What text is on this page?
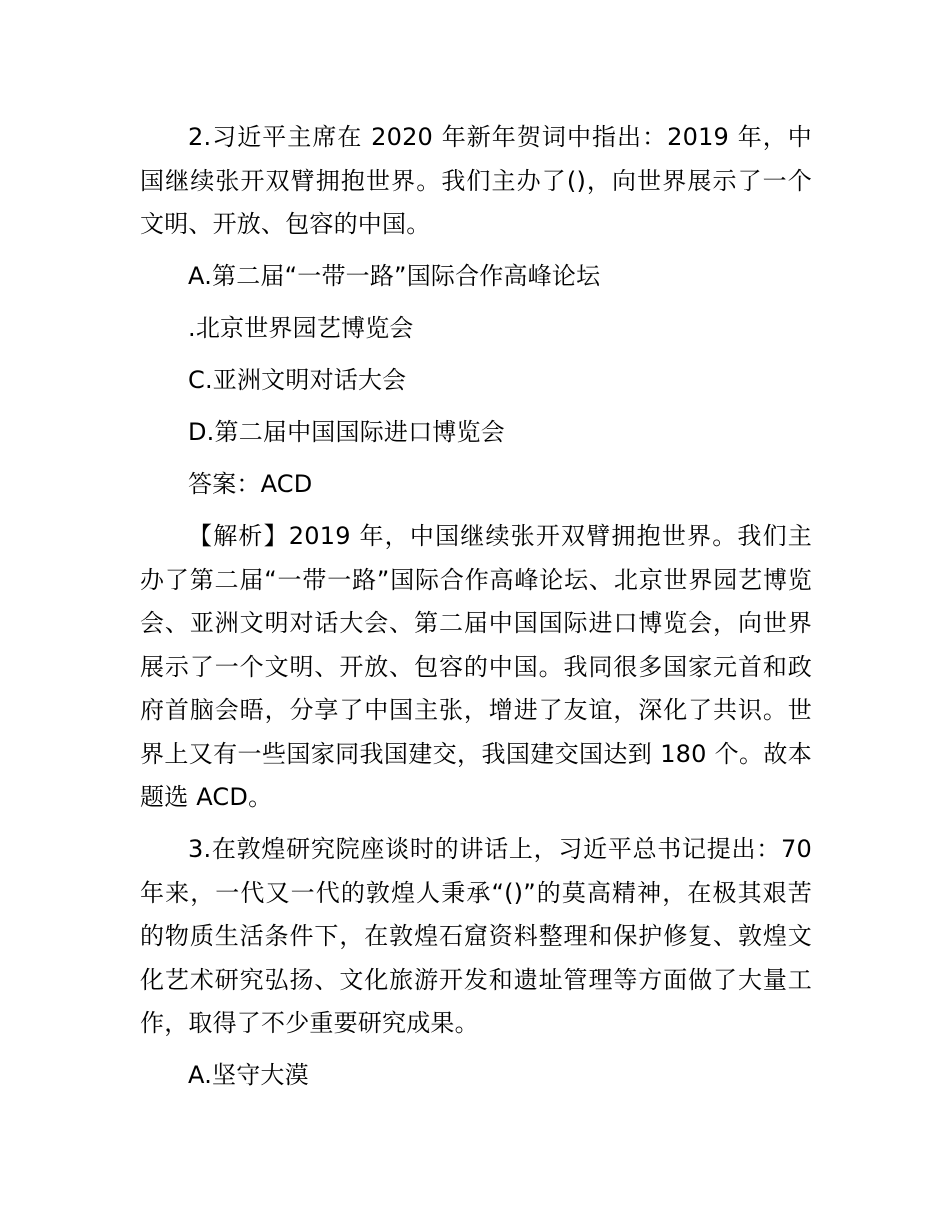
2.习近平主席在 2020 年新年贺词中指出：2019 年，中国继续张开双臂拥抱世界。我们主办了()，向世界展示了一个文明、开放、包容的中国。

A.第二届“一带一路”国际合作高峰论坛

.北京世界园艺博览会

C.亚洲文明对话大会

D.第二届中国国际进口博览会

答案：ACD

【解析】2019 年，中国继续张开双臂拥抱世界。我们主办了第二届“一带一路”国际合作高峰论坛、北京世界园艺博览会、亚洲文明对话大会、第二届中国国际进口博览会，向世界展示了一个文明、开放、包容的中国。我同很多国家元首和政府首脑会晤，分享了中国主张，增进了友谊，深化了共识。世界上又有一些国家同我国建交，我国建交国达到 180 个。故本题选 ACD。

3.在敦煌研究院座谈时的讲话上，习近平总书记提出：70 年来，一代又一代的敦煌人秉承“()”的莫高精神，在极其艰苦的物质生活条件下，在敦煌石窟资料整理和保护修复、敦煌文化艺术研究弘扬、文化旅游开发和遗址管理等方面做了大量工作，取得了不少重要研究成果。

A.坚守大漠
